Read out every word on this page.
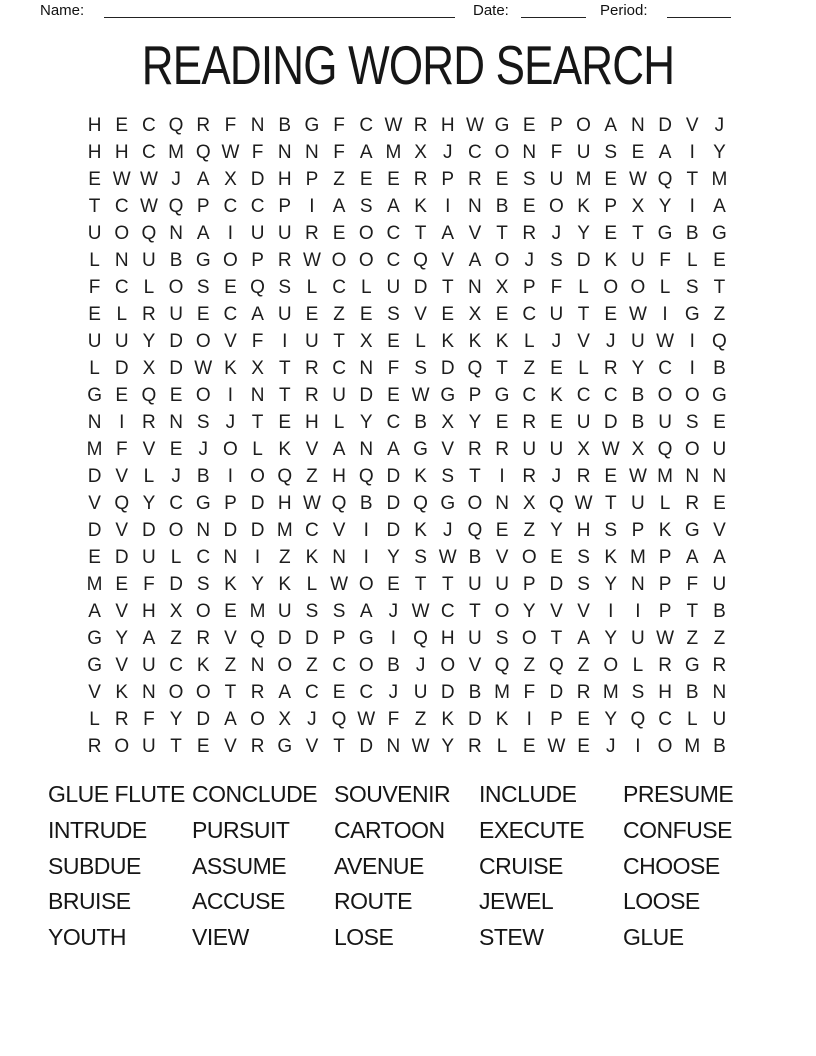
Name:	Date:	Period:
READING WORD SEARCH
H E C Q R F N B G F C W R H W G E P O A N D V J
H H C M Q W F N N F A M X J C O N F U S E A I Y
E W W J A X D H P Z E E R P R E S U M E W Q T M
T C W Q P C C P I A S A K I N B E O K P X Y I A
U O Q N A I U U R E O C T A V T R J Y E T G B G
L N U B G O P R W O O C Q V A O J S D K U F L E
F C L O S E Q S L C L U D T N X P F L O O L S T
E L R U E C A U E Z E S V E X E C U T E W I G Z
U U Y D O V F I U T X E L K K K L J V J U W I Q
L D X D W K X T R C N F S D Q T Z E L R Y C I B
G E Q E O I N T R U D E W G P G C K C C B O O G
N I R N S J T E H L Y C B X Y E R E U D B U S E
M F V E J O L K V A N A G V R R U U X W X Q O U
D V L J B I O Q Z H Q D K S T I R J R E W M N N
V Q Y C G P D H W Q B D Q G O N X Q W T U L R E
D V D O N D D M C V I D K J Q E Z Y H S P K G V
E D U L C N I Z K N I Y S W B V O E S K M P A A
M E F D S K Y K L W O E T T U U P D S Y N P F U
A V H X O E M U S S A J W C T O Y V V I	I P T B
G Y A Z R V Q D D P G I Q H U S O T A Y U W Z Z
G V U C K Z N O Z C O B J O V Q Z Q Z O L R G R
V K N O O T R A C E C J U D B M F D R M S H B N
L R F Y D A O X J Q W F Z K D K I P E Y Q C L U
R O U T E V R G V T D N W Y R L E W E J	I O M B
GLUE FLUTE
INTRUDE
SUBDUE
BRUISE
YOUTH
CONCLUDE
PURSUIT
ASSUME
ACCUSE
VIEW
SOUVENIR
CARTOON
AVENUE
ROUTE
LOSE
INCLUDE
EXECUTE
CRUISE
JEWEL
STEW
PRESUME
CONFUSE
CHOOSE
LOOSE
GLUE
